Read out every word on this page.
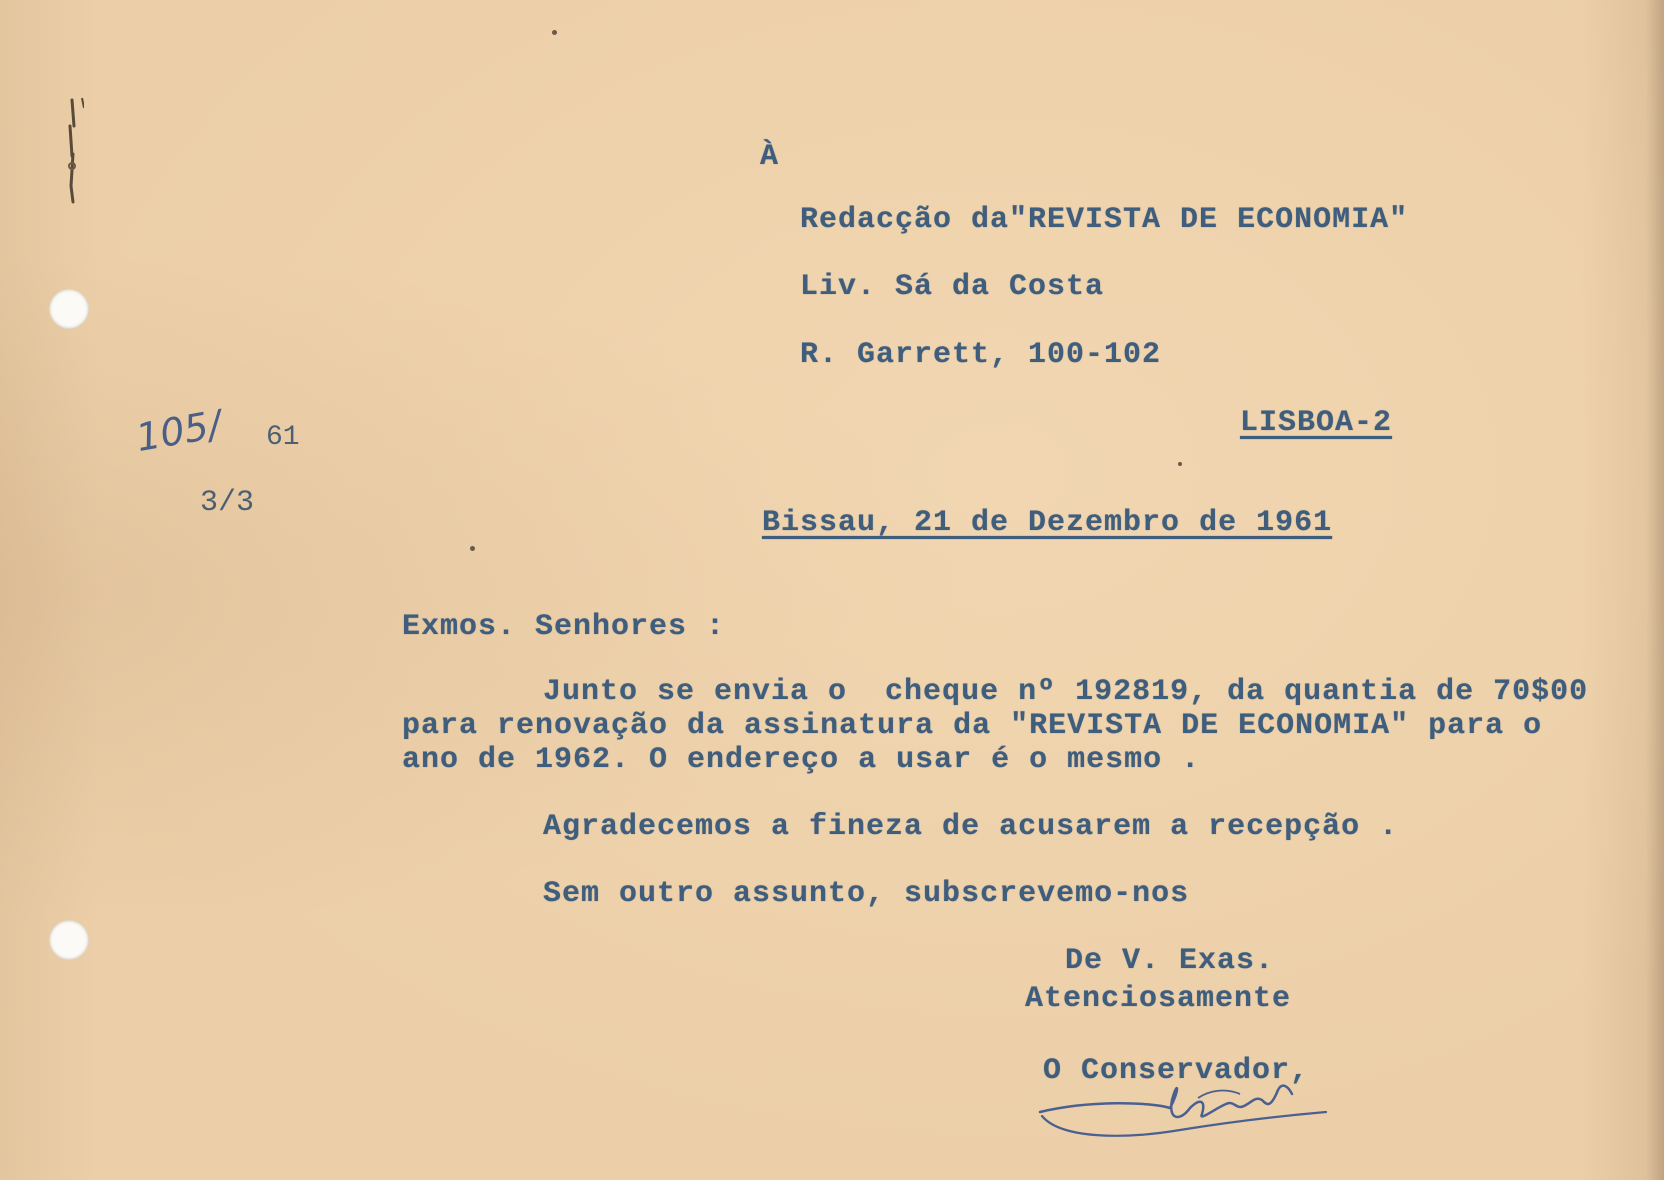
105/ 61
3/3
À
Redacção da"REVISTA DE ECONOMIA"
Liv. Sá da Costa
R. Garrett, 100-102
LISBOA-2
Bissau, 21 de Dezembro de 1961
Exmos. Senhores :
Junto se envia o  cheque nº 192819, da quantia de 70$00
para renovação da assinatura da "REVISTA DE ECONOMIA" para o
ano de 1962. O endereço a usar é o mesmo .
Agradecemos a fineza de acusarem a recepção .
Sem outro assunto, subscrevemo-nos
De V. Exas.
Atenciosamente
O Conservador,
